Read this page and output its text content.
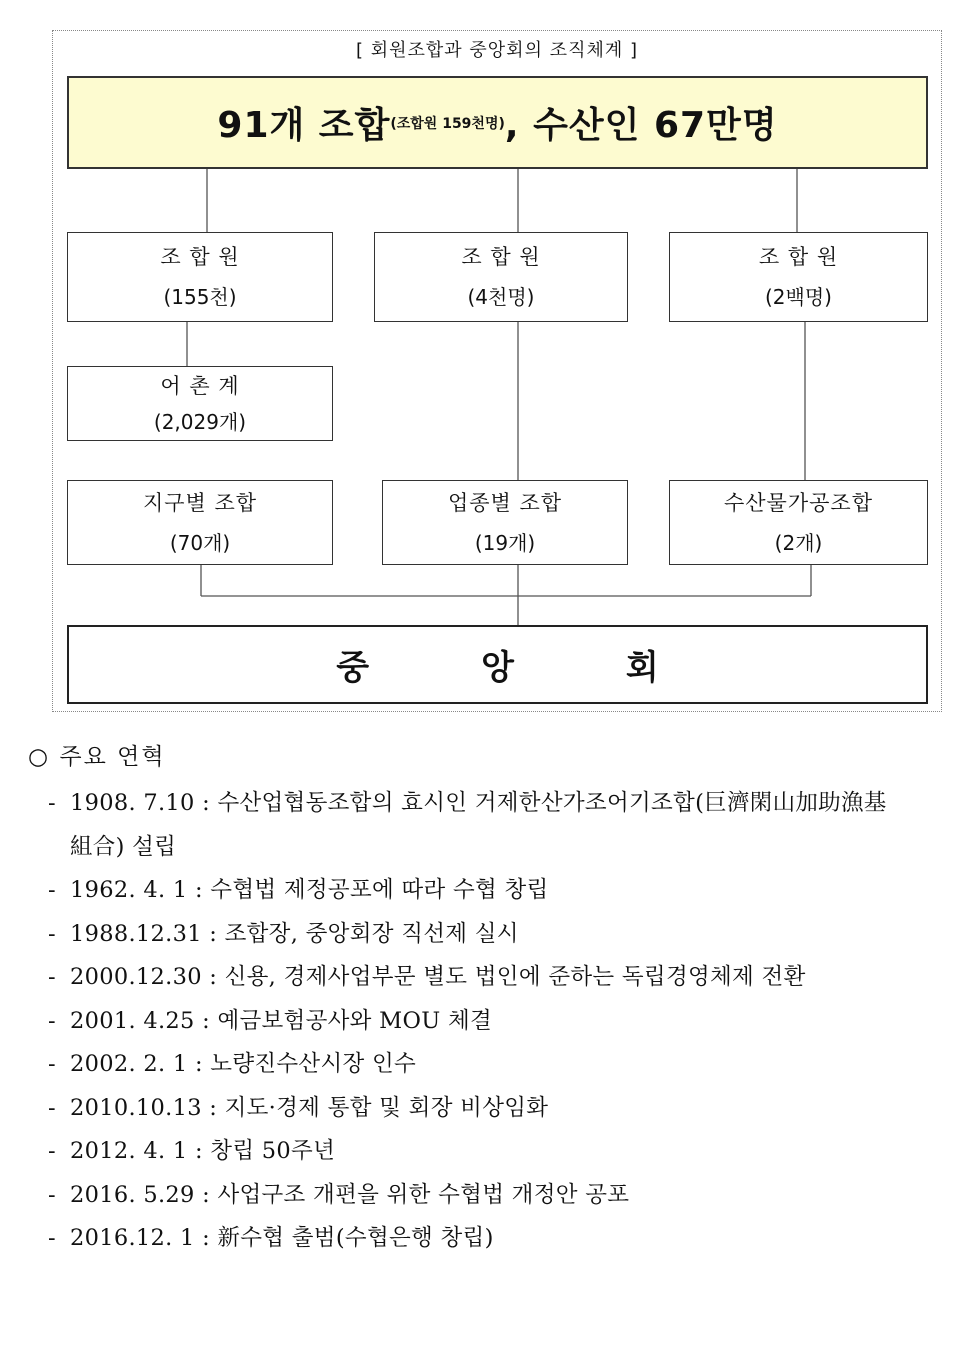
[ 회원조합과 중앙회의 조직체계 ]
91개 조합 (조합원 159천명) , 수산인 67만명
조 합 원
(155천)
조 합 원
(4천명)
조 합 원
(2백명)
어 촌 계
(2,029개)
지구별 조합
(70개)
업종별 조합
(19개)
수산물가공조합
(2개)
중	앙	회
○ 주요 연혁
- 1908. 7.10 : 수산업협동조합의 효시인 거제한산가조어기조합(巨濟閑山加助漁基
組合) 설립
- 1962. 4. 1 : 수협법 제정공포에 따라 수협 창립
- 1988.12.31 : 조합장, 중앙회장 직선제 실시
- 2000.12.30 : 신용, 경제사업부문 별도 법인에 준하는 독립경영체제 전환
- 2001. 4.25 : 예금보험공사와 MOU 체결
- 2002. 2. 1 : 노량진수산시장 인수
- 2010.10.13 : 지도·경제 통합 및 회장 비상임화
- 2012. 4. 1 : 창립 50주년
- 2016. 5.29 : 사업구조 개편을 위한 수협법 개정안 공포
- 2016.12. 1 : 新수협 출범(수협은행 창립)
